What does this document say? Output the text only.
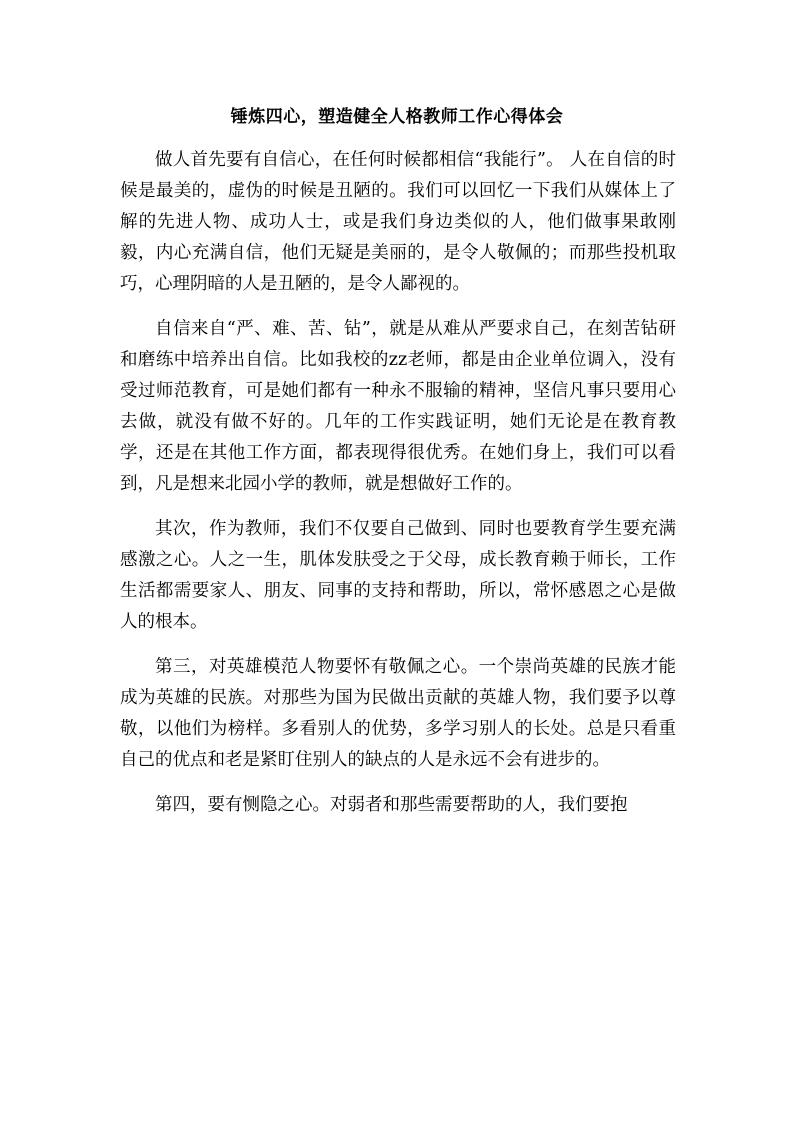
锤炼四心，塑造健全人格教师工作心得体会

做人首先要有自信心，在任何时候都相信“我能行”。 人在自信的时候是最美的，虚伪的时候是丑陋的。我们可以回忆一下我们从媒体上了解的先进人物、成功人士，或是我们身边类似的人，他们做事果敢刚毅，内心充满自信，他们无疑是美丽的，是令人敬佩的；而那些投机取巧，心理阴暗的人是丑陋的，是令人鄙视的。

自信来自“严、难、苦、钻”，就是从难从严要求自己，在刻苦钻研和磨练中培养出自信。比如我校的zz老师，都是由企业单位调入，没有受过师范教育，可是她们都有一种永不服输的精神，坚信凡事只要用心去做，就没有做不好的。几年的工作实践证明，她们无论是在教育教学，还是在其他工作方面，都表现得很优秀。在她们身上，我们可以看到，凡是想来北园小学的教师，就是想做好工作的。

其次，作为教师，我们不仅要自己做到、同时也要教育学生要充满感激之心。人之一生，肌体发肤受之于父母，成长教育赖于师长，工作生活都需要家人、朋友、同事的支持和帮助，所以，常怀感恩之心是做人的根本。

第三，对英雄模范人物要怀有敬佩之心。一个崇尚英雄的民族才能成为英雄的民族。对那些为国为民做出贡献的英雄人物，我们要予以尊敬，以他们为榜样。多看别人的优势，多学习别人的长处。总是只看重自己的优点和老是紧盯住别人的缺点的人是永远不会有进步的。

第四，要有恻隐之心。对弱者和那些需要帮助的人，我们要抱
